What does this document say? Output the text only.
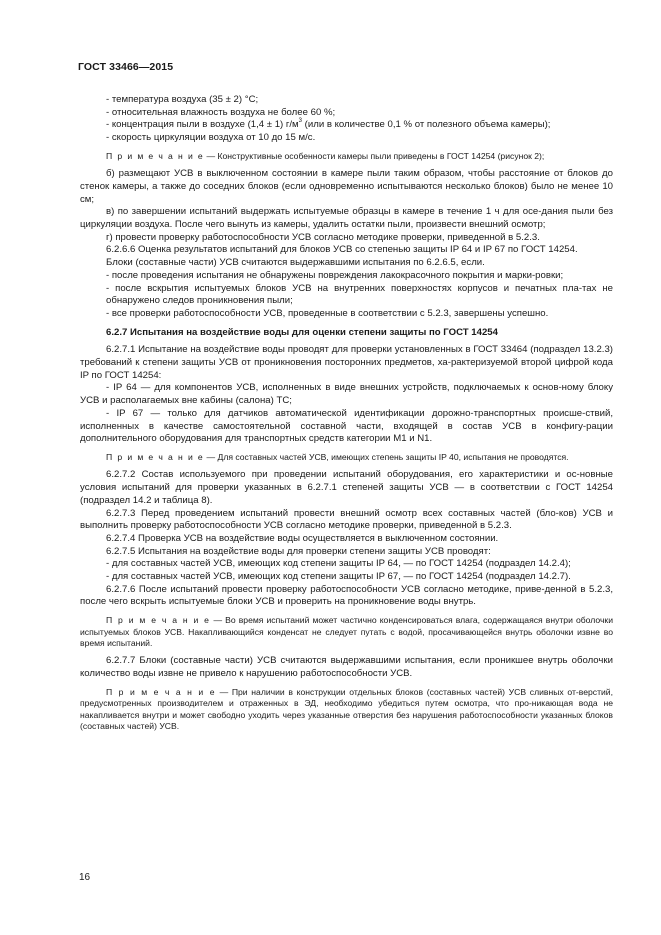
ГОСТ 33466—2015

- температура воздуха (35 ± 2) °С;

- относительная влажность воздуха не более 60 %;

- концентрация пыли в воздухе (1,4 ± 1) $г/м^3$ (или в количестве 0,1 % от полезного объема камеры);

- скорость циркуляции воздуха от 10 до 15 м/с.

П р и м е ч а н и е — Конструктивные особенности камеры пыли приведены в ГОСТ 14254 (рисунок 2);

б) размещают УСВ в выключенном состоянии в камере пыли таким образом, чтобы расстояние от блоков до стенок камеры, а также до соседних блоков (если одновременно испытываются несколько блоков) было не менее 10 см;

в) по завершении испытаний выдержать испытуемые образцы в камере в течение 1 ч для осе-дания пыли без циркуляции воздуха. После чего вынуть из камеры, удалить остатки пыли, произвести внешний осмотр;

г) провести проверку работоспособности УСВ согласно методике проверки, приведенной в 5.2.3.

6.2.6.6 Оценка результатов испытаний для блоков УСВ со степенью защиты IP 64 и IP 67 по ГОСТ 14254.

Блоки (составные части) УСВ считаются выдержавшими испытания по 6.2.6.5, если.

- после проведения испытания не обнаружены повреждения лакокрасочного покрытия и марки-ровки;

- после вскрытия испытуемых блоков УСВ на внутренних поверхностях корпусов и печатных пла-тах не обнаружено следов проникновения пыли;

- все проверки работоспособности УСВ, проведенные в соответствии с 5.2.3, завершены успешно.

6.2.7 Испытания на воздействие воды для оценки степени защиты по ГОСТ 14254

6.2.7.1 Испытание на воздействие воды проводят для проверки установленных в ГОСТ 33464 (подраздел 13.2.3) требований к степени защиты УСВ от проникновения посторонних предметов, ха-рактеризуемой второй цифрой кода IP по ГОСТ 14254:

- IP 64 — для компонентов УСВ, исполненных в виде внешних устройств, подключаемых к основ-ному блоку УСВ и располагаемых вне кабины (салона) ТС;

- IP 67 — только для датчиков автоматической идентификации дорожно-транспортных происше-ствий, исполненных в качестве самостоятельной составной части, входящей в состав УСВ в конфигу-рации дополнительного оборудования для транспортных средств категории M1 и N1.

П р и м е ч а н и е — Для составных частей УСВ, имеющих степень защиты IP 40, испытания не проводятся.

6.2.7.2 Состав используемого при проведении испытаний оборудования, его характеристики и ос-новные условия испытаний для проверки указанных в 6.2.7.1 степеней защиты УСВ — в соответствии с ГОСТ 14254 (подраздел 14.2 и таблица 8).

6.2.7.3 Перед проведением испытаний провести внешний осмотр всех составных частей (бло-ков) УСВ и выполнить проверку работоспособности УСВ согласно методике проверки, приведенной в 5.2.3.

6.2.7.4 Проверка УСВ на воздействие воды осуществляется в выключенном состоянии.

6.2.7.5 Испытания на воздействие воды для проверки степени защиты УСВ проводят:

- для составных частей УСВ, имеющих код степени защиты IP 64, — по ГОСТ 14254 (подраздел 14.2.4);

- для составных частей УСВ, имеющих код степени защиты IP 67, — по ГОСТ 14254 (подраздел 14.2.7).

6.2.7.6 После испытаний провести проверку работоспособности УСВ согласно методике, приве-денной в 5.2.3, после чего вскрыть испытуемые блоки УСВ и проверить на проникновение воды внутрь.

П р и м е ч а н и е — Во время испытаний может частично конденсироваться влага, содержащаяся внутри оболочки испытуемых блоков УСВ. Накапливающийся конденсат не следует путать с водой, просачивающейся внутрь оболочки извне во время испытаний.

6.2.7.7 Блоки (составные части) УСВ считаются выдержавшими испытания, если проникшее внутрь оболочки количество воды извне не привело к нарушению работоспособности УСВ.

П р и м е ч а н и е — При наличии в конструкции отдельных блоков (составных частей) УСВ сливных от-верстий, предусмотренных производителем и отраженных в ЭД, необходимо убедиться путем осмотра, что про-никающая вода не накапливается внутри и может свободно уходить через указанные отверстия без нарушения работоспособности указанных блоков (составных частей) УСВ.

16
